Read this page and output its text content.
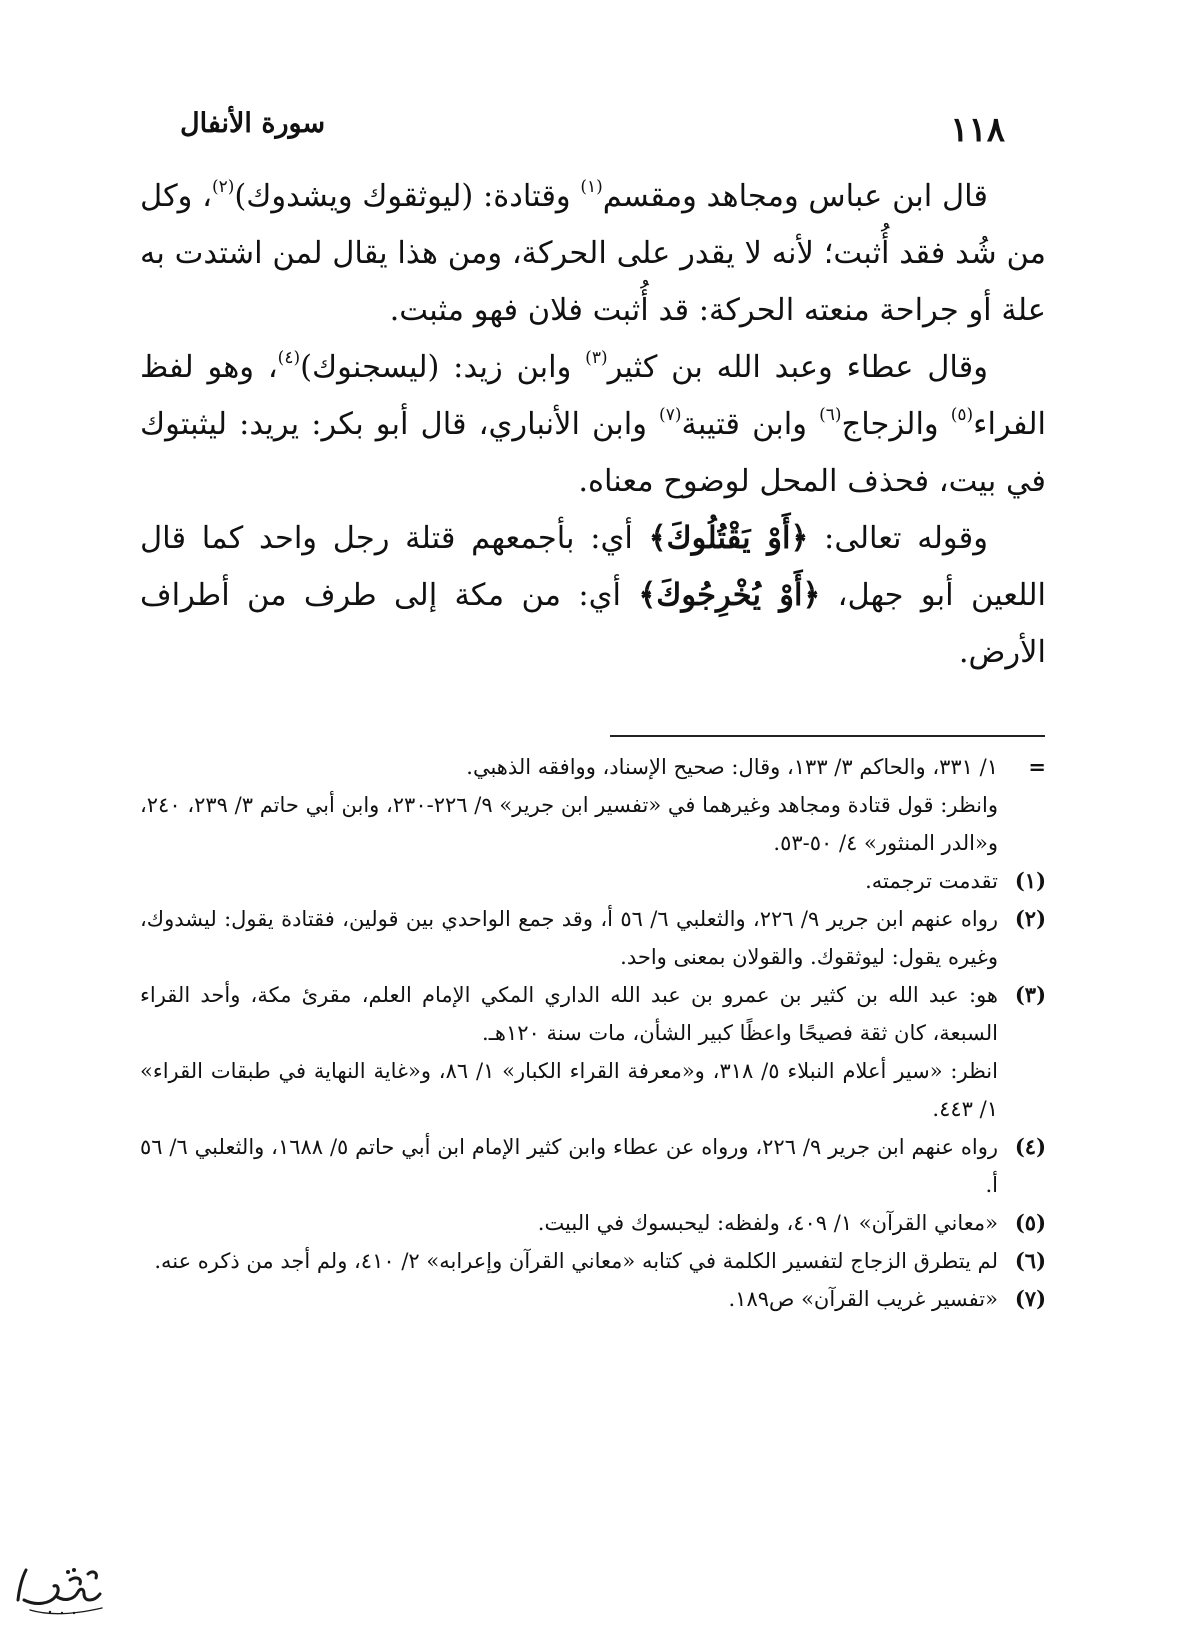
١١٨
سورة الأنفال

قال ابن عباس ومجاهد ومقسم$^{(١)}$ وقتادة: (ليوثقوك ويشدوك)$^{(٢)}$، وكل من شُد فقد أُثبت؛ لأنه لا يقدر على الحركة، ومن هذا يقال لمن اشتدت به علة أو جراحة منعته الحركة: قد أُثبت فلان فهو مثبت.

وقال عطاء وعبد الله بن كثير$^{(٣)}$ وابن زيد: (ليسجنوك)$^{(٤)}$، وهو لفظ الفراء$^{(٥)}$ والزجاج$^{(٦)}$ وابن قتيبة$^{(٧)}$ وابن الأنباري، قال أبو بكر: يريد: ليثبتوك في بيت، فحذف المحل لوضوح معناه.

وقوله تعالى: ﴿أَوْ يَقْتُلُوكَ﴾ أي: بأجمعهم قتلة رجل واحد كما قال اللعين أبو جهل، ﴿أَوْ يُخْرِجُوكَ﴾ أي: من مكة إلى طرف من أطراف الأرض.

=
١/ ٣٣١، والحاكم ٣/ ١٣٣، وقال: صحيح الإسناد، ووافقه الذهبي.
وانظر: قول قتادة ومجاهد وغيرهما في «تفسير ابن جرير» ٩/ ٢٢٦-٢٣٠، وابن أبي حاتم ٣/ ٢٣٩، ٢٤٠، و«الدر المنثور» ٤/ ٥٠-٥٣.
(١)
تقدمت ترجمته.
(٢)
رواه عنهم ابن جرير ٩/ ٢٢٦، والثعلبي ٦/ ٥٦ أ، وقد جمع الواحدي بين قولين، فقتادة يقول: ليشدوك، وغيره يقول: ليوثقوك. والقولان بمعنى واحد.
(٣)
هو: عبد الله بن كثير بن عمرو بن عبد الله الداري المكي الإمام العلم، مقرئ مكة، وأحد القراء السبعة، كان ثقة فصيحًا واعظًا كبير الشأن، مات سنة ١٢٠هـ.
انظر: «سير أعلام النبلاء ٥/ ٣١٨، و«معرفة القراء الكبار» ١/ ٨٦، و«غاية النهاية في طبقات القراء» ١/ ٤٤٣.
(٤)
رواه عنهم ابن جرير ٩/ ٢٢٦، ورواه عن عطاء وابن كثير الإمام ابن أبي حاتم ٥/ ١٦٨٨، والثعلبي ٦/ ٥٦ أ.
(٥)
«معاني القرآن» ١/ ٤٠٩، ولفظه: ليحبسوك في البيت.
(٦)
لم يتطرق الزجاج لتفسير الكلمة في كتابه «معاني القرآن وإعرابه» ٢/ ٤١٠، ولم أجد من ذكره عنه.
(٧)
«تفسير غريب القرآن» ص١٨٩.
